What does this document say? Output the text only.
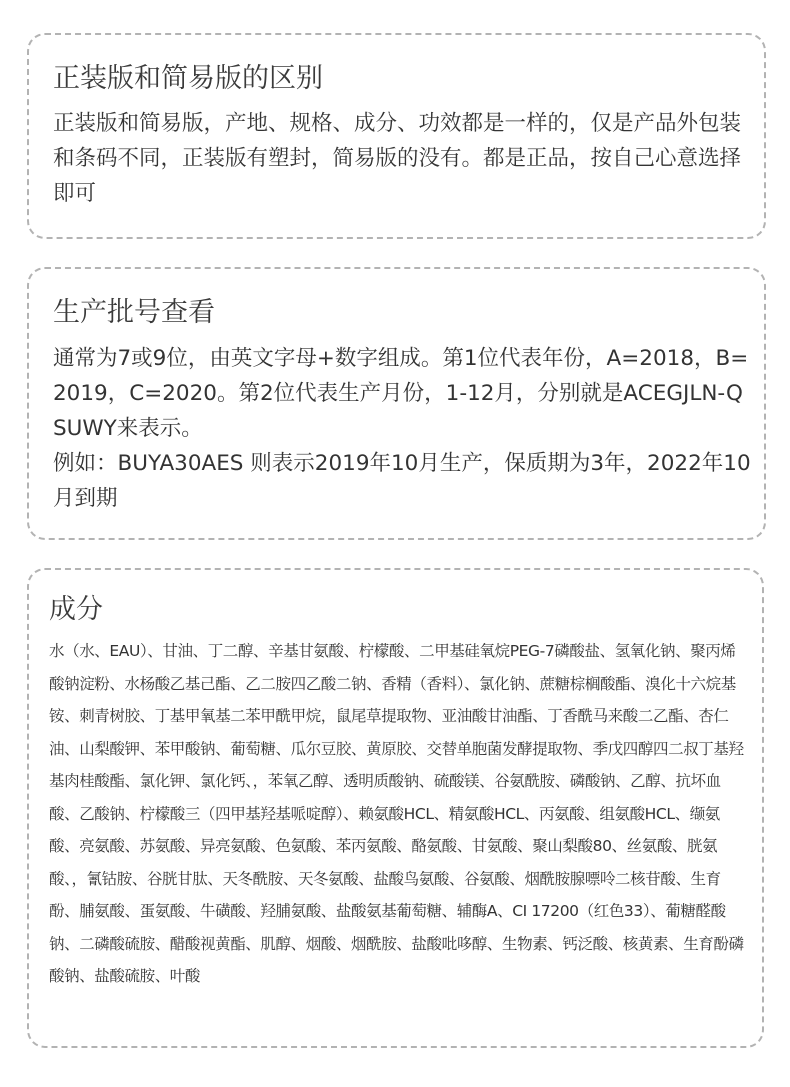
正装版和简易版的区别
正装版和简易版，产地、规格、成分、功效都是一样的，仅是产品外包装和条码不同，正装版有塑封，简易版的没有。都是正品，按自己心意选择即可
生产批号查看

通常为7或9位，由英文字母+数字组成。第1位代表年份，A=2018，B=2019，C=2020。第2位代表生产月份，1-12月，分别就是ACEGJLN-QSUWY来表示。

例如：BUYA30AES 则表示2019年10月生产，保质期为3年，2022年10月到期

成分
水（水、EAU）、甘油、丁二醇、辛基甘氨酸、柠檬酸、二甲基硅氧烷PEG-7磷酸盐、氢氧化钠、聚丙烯酸钠淀粉、水杨酸乙基己酯、乙二胺四乙酸二钠、香精（香料）、氯化钠、蔗糖棕榈酸酯、溴化十六烷基铵、刺青树胶、丁基甲氧基二苯甲酰甲烷，鼠尾草提取物、亚油酸甘油酯、丁香酰马来酸二乙酯、杏仁油、山梨酸钾、苯甲酸钠、葡萄糖、瓜尔豆胶、黄原胶、交替单胞菌发酵提取物、季戊四醇四二叔丁基羟基肉桂酸酯、氯化钾、氯化钙、，苯氧乙醇、透明质酸钠、硫酸镁、谷氨酰胺、磷酸钠、乙醇、抗坏血酸、乙酸钠、柠檬酸三（四甲基羟基哌啶醇）、赖氨酸HCL、精氨酸HCL、丙氨酸、组氨酸HCL、缬氨酸、亮氨酸、苏氨酸、异亮氨酸、色氨酸、苯丙氨酸、酪氨酸、甘氨酸、聚山梨酸80、丝氨酸、胱氨酸、，氰钴胺、谷胱甘肽、天冬酰胺、天冬氨酸、盐酸鸟氨酸、谷氨酸、烟酰胺腺嘌呤二核苷酸、生育酚、脯氨酸、蛋氨酸、牛磺酸、羟脯氨酸、盐酸氨基葡萄糖、辅酶A、CI 17200（红色33）、葡糖醛酸钠、二磷酸硫胺、醋酸视黄酯、肌醇、烟酸、烟酰胺、盐酸吡哆醇、生物素、钙泛酸、核黄素、生育酚磷酸钠、盐酸硫胺、叶酸
